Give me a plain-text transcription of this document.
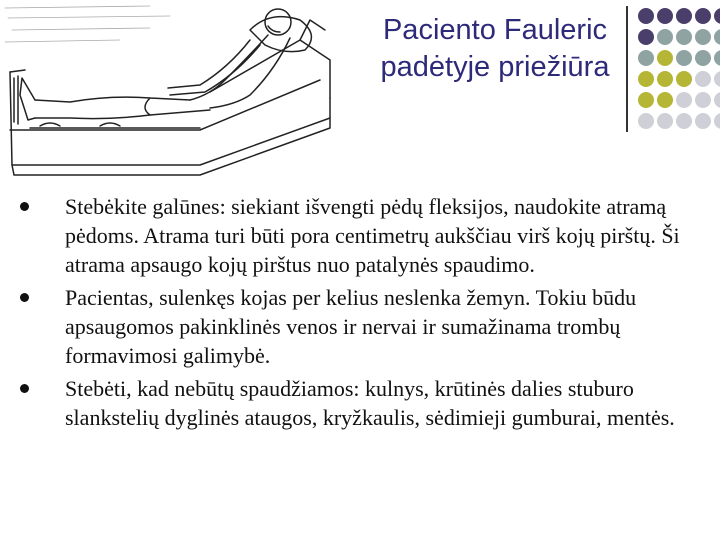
Paciento Fauleric
padėtyje priežiūra
Stebėkite galūnes: siekiant išvengti pėdų fleksijos, naudokite atramą pėdoms. Atrama turi būti pora centimetrų aukščiau virš kojų pirštų. Ši atrama apsaugo kojų pirštus nuo patalynės spaudimo.
Pacientas, sulenkęs kojas per kelius neslenka žemyn. Tokiu būdu apsaugomos pakinklinės venos ir nervai ir sumažinama trombų formavimosi galimybė.
Stebėti, kad nebūtų spaudžiamos: kulnys, krūtinės dalies stuburo slankstelių dyglinės ataugos, kryžkaulis, sėdimieji gumburai, mentės.
